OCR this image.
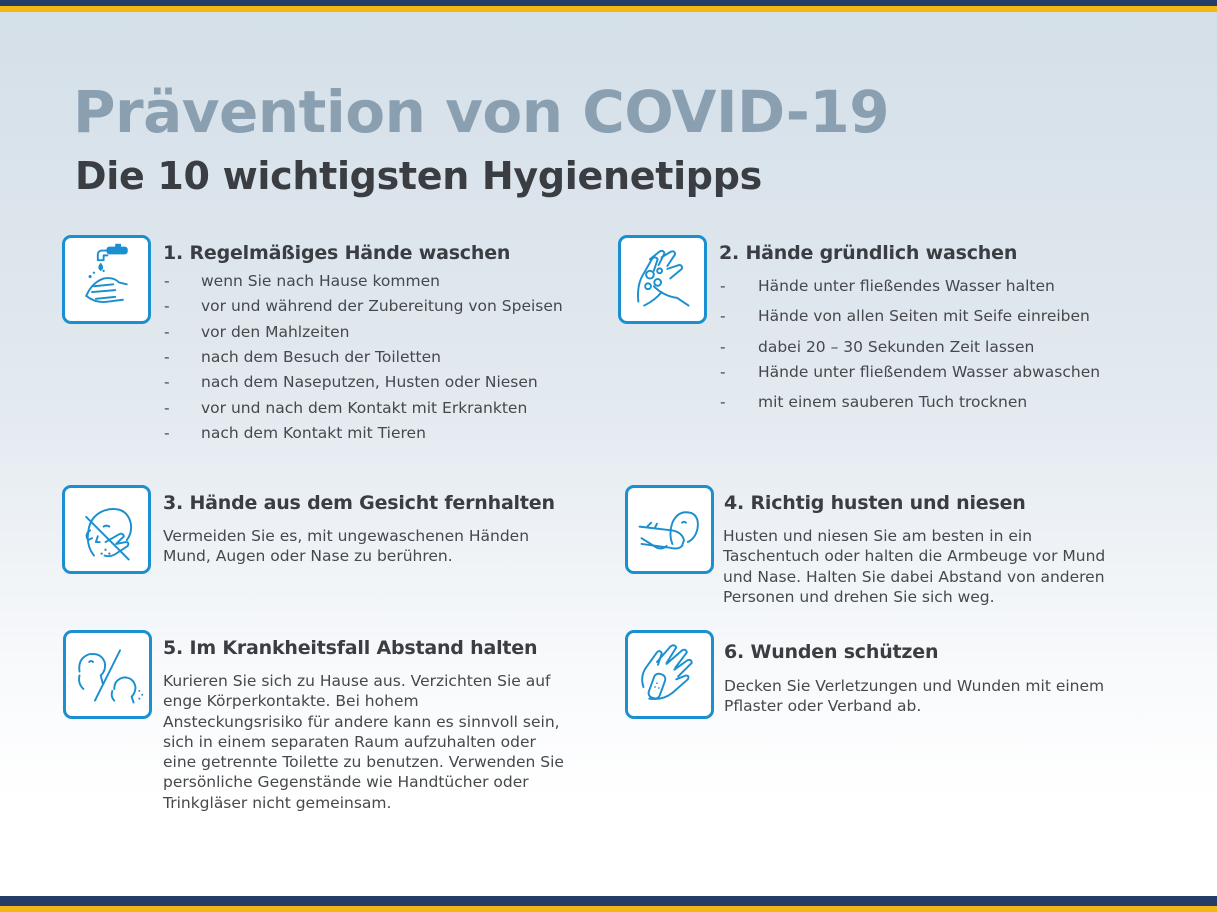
Prävention von COVID-19
Die 10 wichtigsten Hygienetipps
1. Regelmäßiges Hände waschen
- wenn Sie nach Hause kommen
- vor und während der Zubereitung von Speisen
- vor den Mahlzeiten
- nach dem Besuch der Toiletten
- nach dem Naseputzen, Husten oder Niesen
- vor und nach dem Kontakt mit Erkrankten
- nach dem Kontakt mit Tieren
2. Hände gründlich waschen
- Hände unter fließendes Wasser halten
- Hände von allen Seiten mit Seife einreiben
- dabei 20 – 30 Sekunden Zeit lassen
- Hände unter fließendem Wasser abwaschen
- mit einem sauberen Tuch trocknen
3. Hände aus dem Gesicht fernhalten
Vermeiden Sie es, mit ungewaschenen Händen
Mund, Augen oder Nase zu berühren.
4. Richtig husten und niesen
Husten und niesen Sie am besten in ein
Taschentuch oder halten die Armbeuge vor Mund
und Nase. Halten Sie dabei Abstand von anderen
Personen und drehen Sie sich weg.
5. Im Krankheitsfall Abstand halten
Kurieren Sie sich zu Hause aus. Verzichten Sie auf
enge Körperkontakte. Bei hohem
Ansteckungsrisiko für andere kann es sinnvoll sein,
sich in einem separaten Raum aufzuhalten oder
eine getrennte Toilette zu benutzen. Verwenden Sie
persönliche Gegenstände wie Handtücher oder
Trinkgläser nicht gemeinsam.
6. Wunden schützen
Decken Sie Verletzungen und Wunden mit einem
Pflaster oder Verband ab.
